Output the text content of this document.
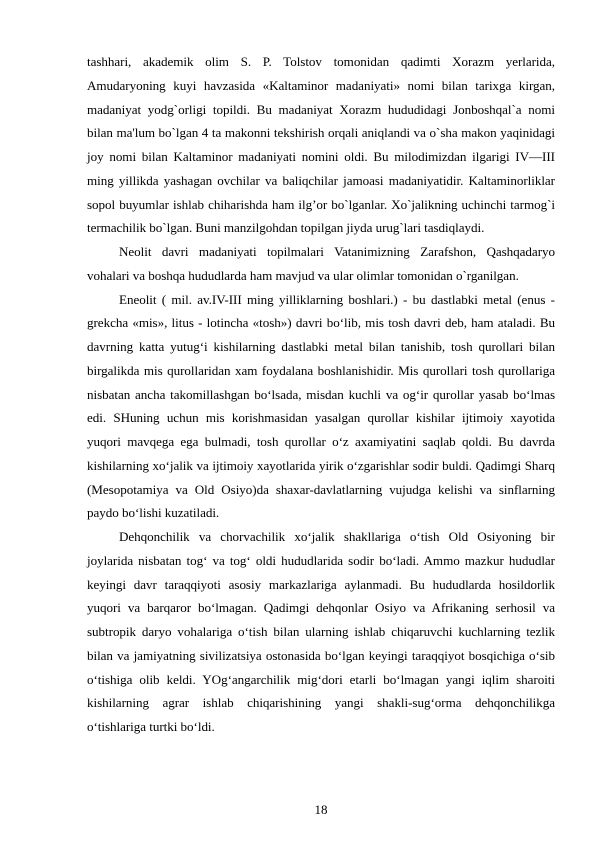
tashhari, akademik olim S. P. Tolstov tomonidan qadimti Xorazm yerlarida, Amudaryoning kuyi havzasida «Kaltaminor madaniyati» nomi bilan tarixga kirgan, madaniyat yodg`orligi topildi. Bu madaniyat Xorazm hududidagi Jonboshqal`a nomi bilan ma'lum bo`lgan 4 ta makonni tekshirish orqali aniqlandi va o`sha makon yaqinidagi joy nomi bilan Kaltaminor madaniyati nomini oldi. Bu milodimizdan ilgarigi IV—III ming yillikda yashagan ovchilar va baliqchilar jamoasi madaniyatidir. Kaltaminorliklar sopol buyumlar ishlab chiharishda ham ilg’or bo`lganlar. Xo`jalikning uchinchi tarmog`i termachilik bo`lgan. Buni manzilgohdan topilgan jiyda urug`lari tasdiqlaydi.

Neolit davri madaniyati topilmalari Vatanimizning Zarafshon, Qashqadaryo vohalari va boshqa hududlarda ham mavjud va ular olimlar tomonidan o`rganilgan.

Eneolit ( mil. av.IV-III ming yilliklarning boshlari.) - bu dastlabki metal (enus - grekcha «mis», litus - lotincha «tosh») davri bo‘lib, mis tosh davri deb, ham ataladi. Bu davrning katta yutug‘i kishilarning dastlabki metal bilan tanishib, tosh qurollari bilan birgalikda mis qurollaridan xam foydalana boshlanishidir. Mis qurollari tosh qurollariga nisbatan ancha takomillashgan bo‘lsada, misdan kuchli va og‘ir qurollar yasab bo‘lmas edi. SHuning uchun mis korishmasidan yasalgan qurollar kishilar ijtimoiy xayotida yuqori mavqega ega bulmadi, tosh qurollar o‘z axamiyatini saqlab qoldi. Bu davrda kishilarning xo‘jalik va ijtimoiy xayotlarida yirik o‘zgarishlar sodir buldi. Qadimgi Sharq (Mesopotamiya va Old Osiyo)da shaxar-davlatlarning vujudga kelishi va sinflarning paydo bo‘lishi kuzatiladi.

Dehqonchilik va chorvachilik xo‘jalik shakllariga o‘tish Old Osiyoning bir joylarida nisbatan tog‘ va tog‘ oldi hududlarida sodir bo‘ladi. Ammo mazkur hududlar keyingi davr taraqqiyoti asosiy markazlariga aylanmadi. Bu hududlarda hosildorlik yuqori va barqaror bo‘lmagan. Qadimgi dehqonlar Osiyo va Afrikaning serhosil va subtropik daryo vohalariga o‘tish bilan ularning ishlab chiqaruvchi kuchlarning tezlik bilan va jamiyatning sivilizatsiya ostonasida bo‘lgan keyingi taraqqiyot bosqichiga o‘sib o‘tishiga olib keldi. YOg‘angarchilik mig‘dori etarli bo‘lmagan yangi iqlim sharoiti kishilarning agrar ishlab chiqarishining yangi shakli-sug‘orma dehqonchilikga o‘tishlariga turtki bo‘ldi.

18
